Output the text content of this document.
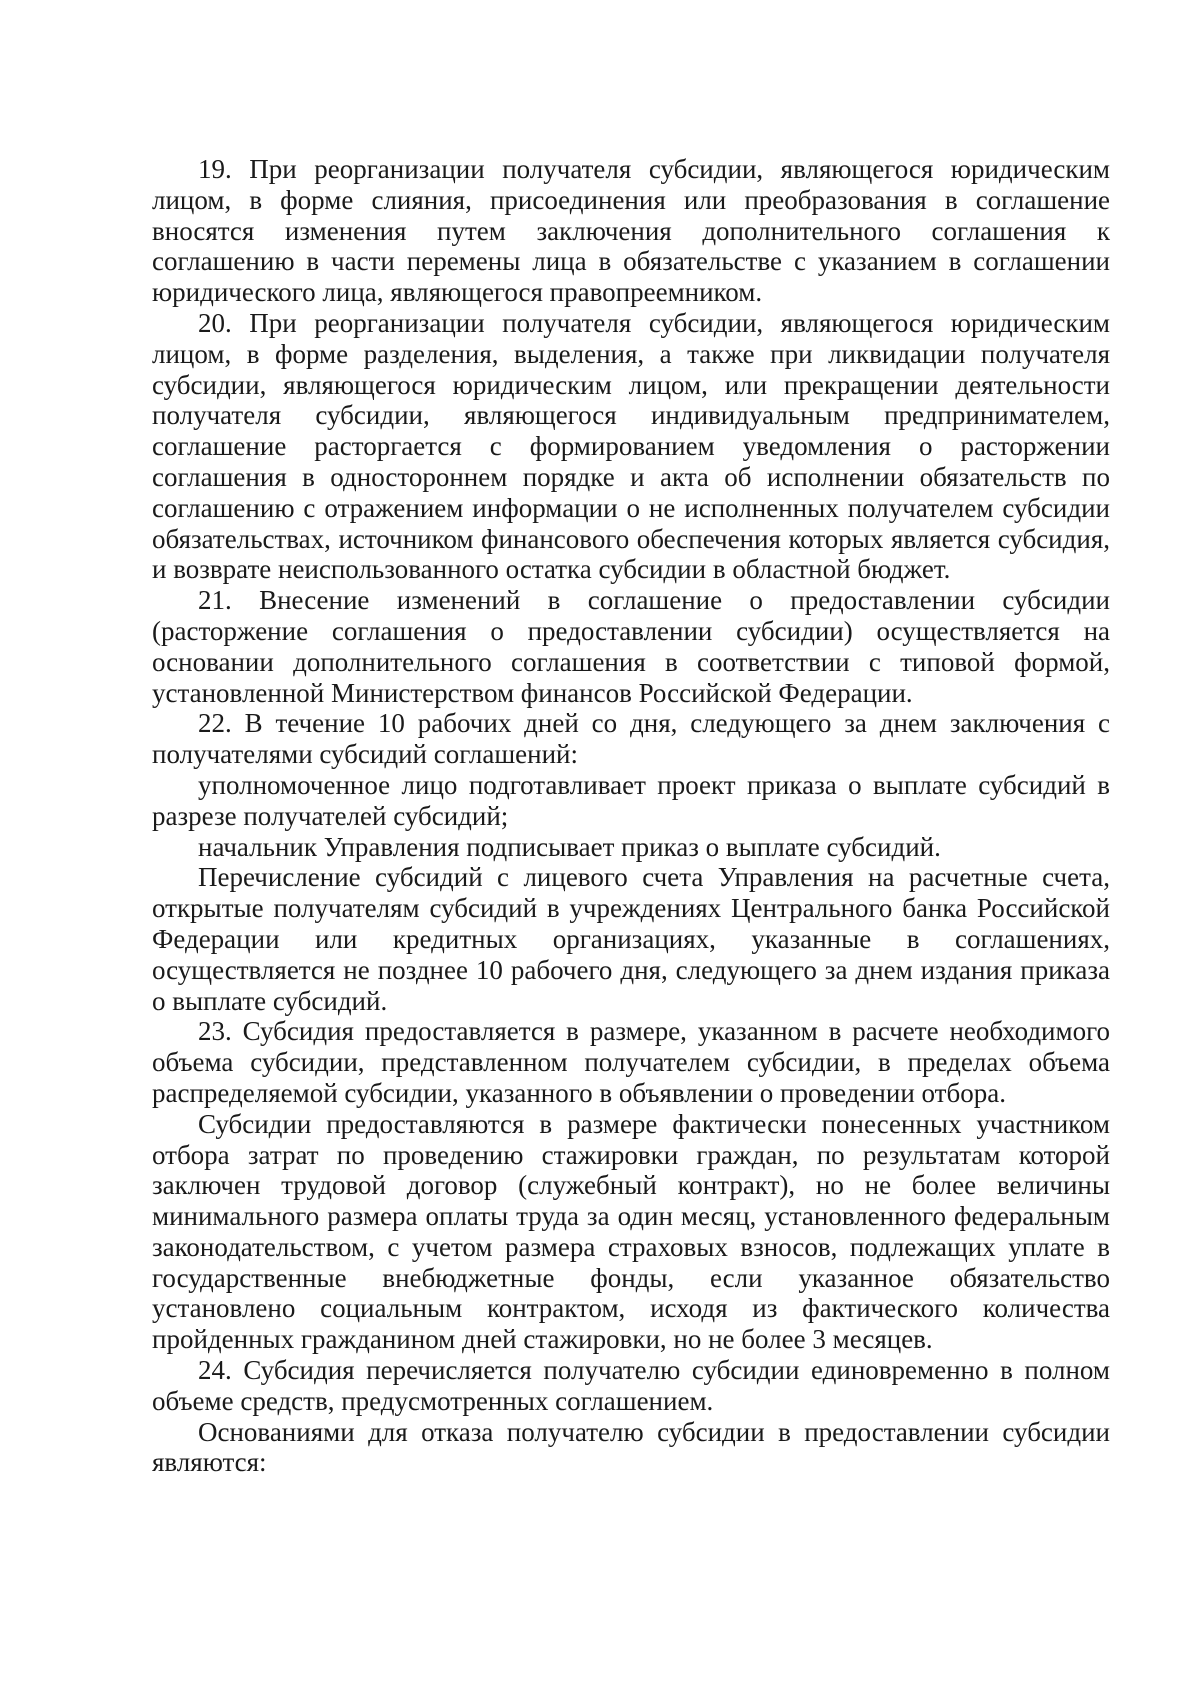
19. При реорганизации получателя субсидии, являющегося юридическим лицом, в форме слияния, присоединения или преобразования в соглашение вносятся изменения путем заключения дополнительного соглашения к соглашению в части перемены лица в обязательстве с указанием в соглашении юридического лица, являющегося правопреемником.

20. При реорганизации получателя субсидии, являющегося юридическим лицом, в форме разделения, выделения, а также при ликвидации получателя субсидии, являющегося юридическим лицом, или прекращении деятельности получателя субсидии, являющегося индивидуальным предпринимателем, соглашение расторгается с формированием уведомления о расторжении соглашения в одностороннем порядке и акта об исполнении обязательств по соглашению с отражением информации о не исполненных получателем субсидии обязательствах, источником финансового обеспечения которых является субсидия, и возврате неиспользованного остатка субсидии в областной бюджет.

21. Внесение изменений в соглашение о предоставлении субсидии (расторжение соглашения о предоставлении субсидии) осуществляется на основании дополнительного соглашения в соответствии с типовой формой, установленной Министерством финансов Российской Федерации.

22. В течение 10 рабочих дней со дня, следующего за днем заключения с получателями субсидий соглашений:

уполномоченное лицо подготавливает проект приказа о выплате субсидий в разрезе получателей субсидий;

начальник Управления подписывает приказ о выплате субсидий.

Перечисление субсидий с лицевого счета Управления на расчетные счета, открытые получателям субсидий в учреждениях Центрального банка Российской Федерации или кредитных организациях, указанные в соглашениях, осуществляется не позднее 10 рабочего дня, следующего за днем издания приказа о выплате субсидий.

23. Субсидия предоставляется в размере, указанном в расчете необходимого объема субсидии, представленном получателем субсидии, в пределах объема распределяемой субсидии, указанного в объявлении о проведении отбора.

Субсидии предоставляются в размере фактически понесенных участником отбора затрат по проведению стажировки граждан, по результатам которой заключен трудовой договор (служебный контракт), но не более величины минимального размера оплаты труда за один месяц, установленного федеральным законодательством, с учетом размера страховых взносов, подлежащих уплате в государственные внебюджетные фонды, если указанное обязательство установлено социальным контрактом, исходя из фактического количества пройденных гражданином дней стажировки, но не более 3 месяцев.

24. Субсидия перечисляется получателю субсидии единовременно в полном объеме средств, предусмотренных соглашением.

Основаниями для отказа получателю субсидии в предоставлении субсидии являются:
